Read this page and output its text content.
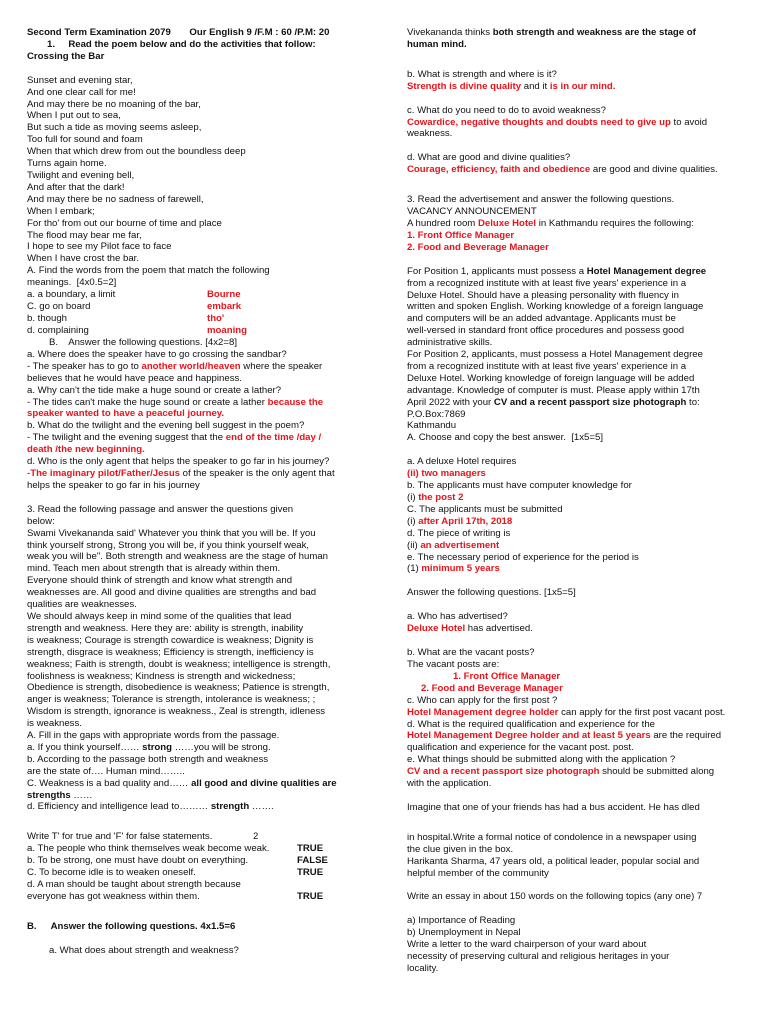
Second Term Examination 2079       Our English 9 /F.M : 60 /P.M: 20
1.     Read the poem below and do the activities that follow:
Crossing the Bar
Sunset and evening star,
And one clear call for me!
And may there be no moaning of the bar,
When I put out to sea,
But such a tide as moving seems asleep,
Too full for sound and foam
When that which drew from out the boundless deep
Turns again home.
Twilight and evening bell,
And after that the dark!
And may there be no sadness of farewell,
When I embark;
For tho' from out our bourne of time and place
The flood may bear me far,
I hope to see my Pilot face to face
When I have crost the bar.
A. Find the words from the poem that match the following
meanings.  [4x0.5=2]
a. a boundary, a limit	Bourne
C. go on board	embark
b. though	tho'
d. complaining	moaning
B.    Answer the following questions. [4x2=8]
a. Where does the speaker have to go crossing the sandbar?
- The speaker has to go to another world/heaven where the speaker
believes that he would have peace and happiness.
a. Why can't the tide make a huge sound or create a lather?
- The tides can't make the huge sound or create a lather because the
speaker wanted to have a peaceful journey.
b. What do the twilight and the evening bell suggest in the poem?
- The twilight and the evening suggest that the end of the time /day /
death /the new beginning.
d. Who is the only agent that helps the speaker to go far in his journey?
-The imaginary pilot/Father/Jesus of the speaker is the only agent that
helps the speaker to go far in his journey
3. Read the following passage and answer the questions given
below:
Swami Vivekananda said' Whatever you think that you will be. If you
think yourself strong, Strong you will be, if you think yourself weak,
weak you will be". Both strength and weakness are the stage of human
mind. Teach men about strength that is already within them.
Everyone should think of strength and know what strength and
weaknesses are. All good and divine qualities are strengths and bad
qualities are weaknesses.
We should always keep in mind some of the qualities that lead
strength and weakness. Here they are: ability is strength, inability
is weakness; Courage is strength cowardice is weakness; Dignity is
strength, disgrace is weakness; Efficiency is strength, inefficiency is
weakness; Faith is strength, doubt is weakness; intelligence is strength,
foolishness is weakness; Kindness is strength and wickedness;
Obedience is strength, disobedience is weakness; Patience is strength,
anger is weakness; Tolerance is strength, intolerance is weakness; ;
Wisdom is strength, ignorance is weakness., Zeal is strength, idleness
is weakness.
A. Fill in the gaps with appropriate words from the passage.
a. If you think yourself…… strong ……you will be strong.
b. According to the passage both strength and weakness
are the state of…. Human mind……..
C. Weakness is a bad quality and…… all good and divine qualities are
strengths ……
d. Efficiency and intelligence lead to……… strength …….
Write T' for true and 'F' for false statements.	2
a. The people who think themselves weak become weak.	TRUE
b. To be strong, one must have doubt on everything.	FALSE
C. To become idle is to weaken oneself.	TRUE
d. A man should be taught about strength because
everyone has got weakness within them.	TRUE
B. Answer the following questions. 4x1.5=6
a. What does about strength and weakness?
Vivekananda thinks both strength and weakness are the stage of
human mind.
b. What is strength and where is it?
Strength is divine quality and it is in our mind.
c. What do you need to do to avoid weakness?
Cowardice, negative thoughts and doubts need to give up to avoid
weakness.
d. What are good and divine qualities?
Courage, efficiency, faith and obedience are good and divine qualities.
3. Read the advertisement and answer the following questions.
VACANCY ANNOUNCEMENT
A hundred room Deluxe Hotel in Kathmandu requires the following:
1. Front Office Manager
2. Food and Beverage Manager
For Position 1, applicants must possess a Hotel Management degree
from a recognized institute with at least five years' experience in a
Deluxe Hotel. Should have a pleasing personality with fluency in
written and spoken English. Working knowledge of a foreign language
and computers will be an added advantage. Applicants must be
well-versed in standard front office procedures and possess good
administrative skills.
For Position 2, applicants, must possess a Hotel Management degree
from a recognized institute with at least five years' experience in a
Deluxe Hotel. Working knowledge of foreign language will be added
advantage. Knowledge of computer is must. Please apply within 17th
April 2022 with your CV and a recent passport size photograph to:
P.O.Box:7869
Kathmandu
A. Choose and copy the best answer.  [1x5=5]
a. A deluxe Hotel requires
(ii) two managers
b. The applicants must have computer knowledge for
(i) the post 2
C. The applicants must be submitted
(i) after April 17th, 2018
d. The piece of writing is
(ii) an advertisement
e. The necessary period of experience for the period is
(1) minimum 5 years
Answer the following questions. [1x5=5]
a. Who has advertised?
Deluxe Hotel has advertised.
b. What are the vacant posts?
The vacant posts are:
1. Front Office Manager
2. Food and Beverage Manager
c. Who can apply for the first post ?
Hotel Management degree holder can apply for the first post vacant post.
d. What is the required qualification and experience for the
Hotel Management Degree holder and at least 5 years are the required
qualification and experience for the vacant post. post.
e. What things should be submitted along with the application ?
CV and a recent passport size photograph should be submitted along
with the application.
Imagine that one of your friends has had a bus accident. He has dled
in hospital.Write a formal notice of condolence in a newspaper using
the clue given in the box.
Harikanta Sharma, 47 years old, a political leader, popular social and
helpful member of the community
Write an essay in about 150 words on the following topics (any one) 7
a) Importance of Reading
b) Unemployment in Nepal
Write a letter to the ward chairperson of your ward about
necessity of preserving cultural and religious heritages in your
locality.
